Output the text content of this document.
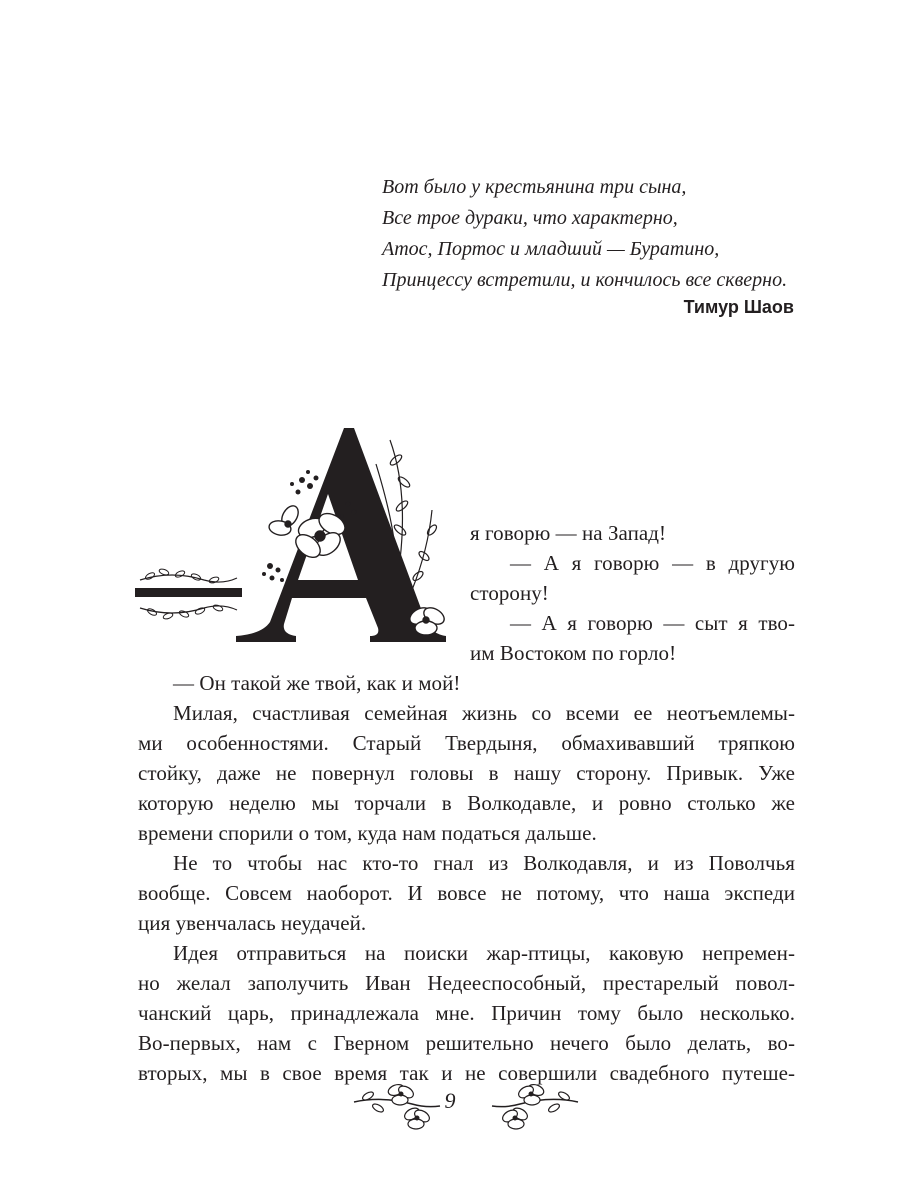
Вот было у крестьянина три сына,
Все трое дураки, что характерно,
Атос, Портос и младший — Буратино,
Принцессу встретили, и кончилось все скверно.
Тимур Шаов
я говорю — на Запад!
— А я говорю — в другую
сторону!
— А я говорю — сыт я тво-
им Востоком по горло!
— Он такой же твой, как и мой!
Милая, счастливая семейная жизнь со всеми ее неотъемлемы-
ми особенностями. Старый Твердыня, обмахивавший тряпкою
стойку, даже не повернул головы в нашу сторону. Привык. Уже
которую неделю мы торчали в Волкодавле, и ровно столько же
времени спорили о том, куда нам податься дальше.
Не то чтобы нас кто-то гнал из Волкодавля, и из Поволчья
вообще. Совсем наоборот. И вовсе не потому, что наша экспеди
ция увенчалась неудачей.
Идея отправиться на поиски жар-птицы, каковую непремен-
но желал заполучить Иван Недееспособный, престарелый повол-
чанский царь, принадлежала мне. Причин тому было несколько.
Во-первых, нам с Гверном решительно нечего было делать, во-
вторых, мы в свое время так и не совершили свадебного путеше-
9
